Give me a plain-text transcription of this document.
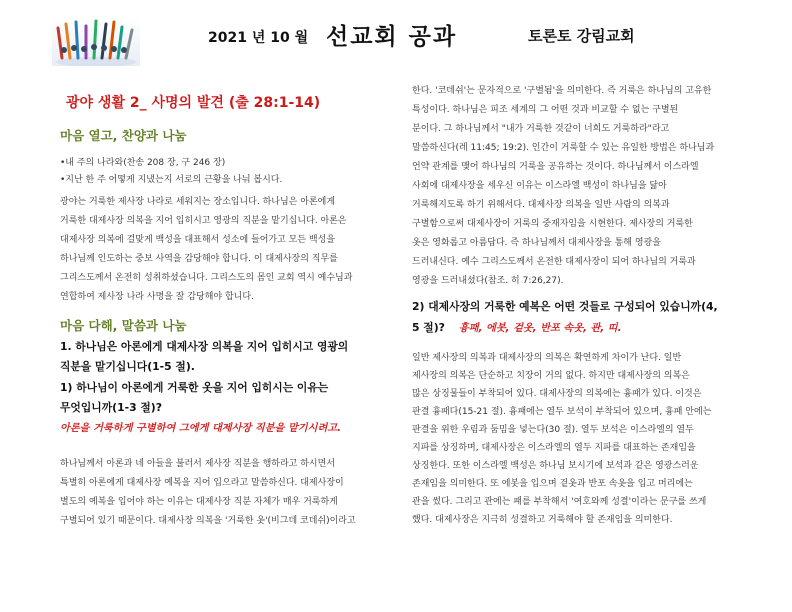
2021 년 10 월 선교회 공과	토론토 강림교회
광야 생활 2_ 사명의 발견 (출 28:1-14)
마음 열고, 찬양과 나눔
•내 주의 나라와(찬송 208 장, 구 246 장)
•지난 한 주 어떻게 지냈는지 서로의 근황을 나눠 봅시다.
광야는 거룩한 제사장 나라로 세워지는 장소입니다. 하나님은 아론에게
거룩한 대제사장 의복을 지어 입히시고 영광의 직분을 맡기십니다. 아론은
대제사장 의복에 걸맞게 백성을 대표해서 성소에 들어가고 모든 백성을
하나님께 인도하는 중보 사역을 감당해야 합니다. 이 대제사장의 직무를
그리스도께서 온전히 성취하셨습니다. 그리스도의 몸인 교회 역시 예수님과
연합하여 제사장 나라 사명을 잘 감당해야 합니다.
마음 다해, 말씀과 나눔
1. 하나님은 아론에게 대제사장 의복을 지어 입히시고 영광의
직분을 맡기십니다(1-5 절).
1) 하나님이 아론에게 거룩한 옷을 지어 입히시는 이유는
무엇입니까(1-3 절)?
아론을 거룩하게 구별하여 그에게 대제사장 직분을 맡기시려고.
하나님께서 아론과 네 아들을 불러서 제사장 직분을 행하라고 하시면서
특별히 아론에게 대제사장 예복을 지어 입으라고 말씀하신다. 대제사장이
별도의 예복을 입어야 하는 이유는 대제사장 직분 자체가 매우 거룩하게
구별되어 있기 때문이다. 대제사장 의복을 '거룩한 옷'(비그데 코데쉬)이라고
한다. '코데쉬'는 문자적으로 '구별됨'을 의미한다. 즉 거룩은 하나님의 고유한
특성이다. 하나님은 피조 세계의 그 어떤 것과 비교할 수 없는 구별된
분이다. 그 하나님께서 "내가 거룩한 것같이 너희도 거룩하라"라고
말씀하신다(레 11:45; 19:2). 인간이 거룩할 수 있는 유일한 방법은 하나님과
언약 관계를 맺어 하나님의 거룩을 공유하는 것이다. 하나님께서 이스라엘
사회에 대제사장을 세우신 이유는 이스라엘 백성이 하나님을 닮아
거룩해지도록 하기 위해서다. 대제사장 의복을 일반 사람의 의복과
구별함으로써 대제사장이 거룩의 중재자임을 시현한다. 제사장의 거룩한
옷은 영화롭고 아름답다. 즉 하나님께서 대제사장을 통해 영광을
드러내신다. 예수 그리스도께서 온전한 대제사장이 되어 하나님의 거룩과
영광을 드러내셨다(참조. 히 7:26,27).
2) 대제사장의 거룩한 예복은 어떤 것들로 구성되어 있습니까(4,
5 절)? 흉패, 에봇, 겉옷, 반포 속옷, 관, 띠.
일반 제사장의 의복과 대제사장의 의복은 확연하게 차이가 난다. 일반
제사장의 의복은 단순하고 치장이 거의 없다. 하지만 대제사장의 의복은
많은 상징물들이 부착되어 있다. 대제사장의 의복에는 흉패가 있다. 이것은
판결 흉패다(15-21 절). 흉패에는 열두 보석이 부착되어 있으며, 흉패 안에는
판결을 위한 우림과 둠밈을 넣는다(30 절). 열두 보석은 이스라엘의 열두
지파를 상징하며, 대제사장은 이스라엘의 열두 지파를 대표하는 존재임을
상징한다. 또한 이스라엘 백성은 하나님 보시기에 보석과 같은 영광스러운
존재임을 의미한다. 또 에봇을 입으며 겉옷과 반포 속옷을 입고 머리에는
관을 썼다. 그리고 관에는 패를 부착해서 '여호와께 성결'이라는 문구를 쓰게
했다. 대제사장은 지극히 성결하고 거룩해야 할 존재임을 의미한다.
